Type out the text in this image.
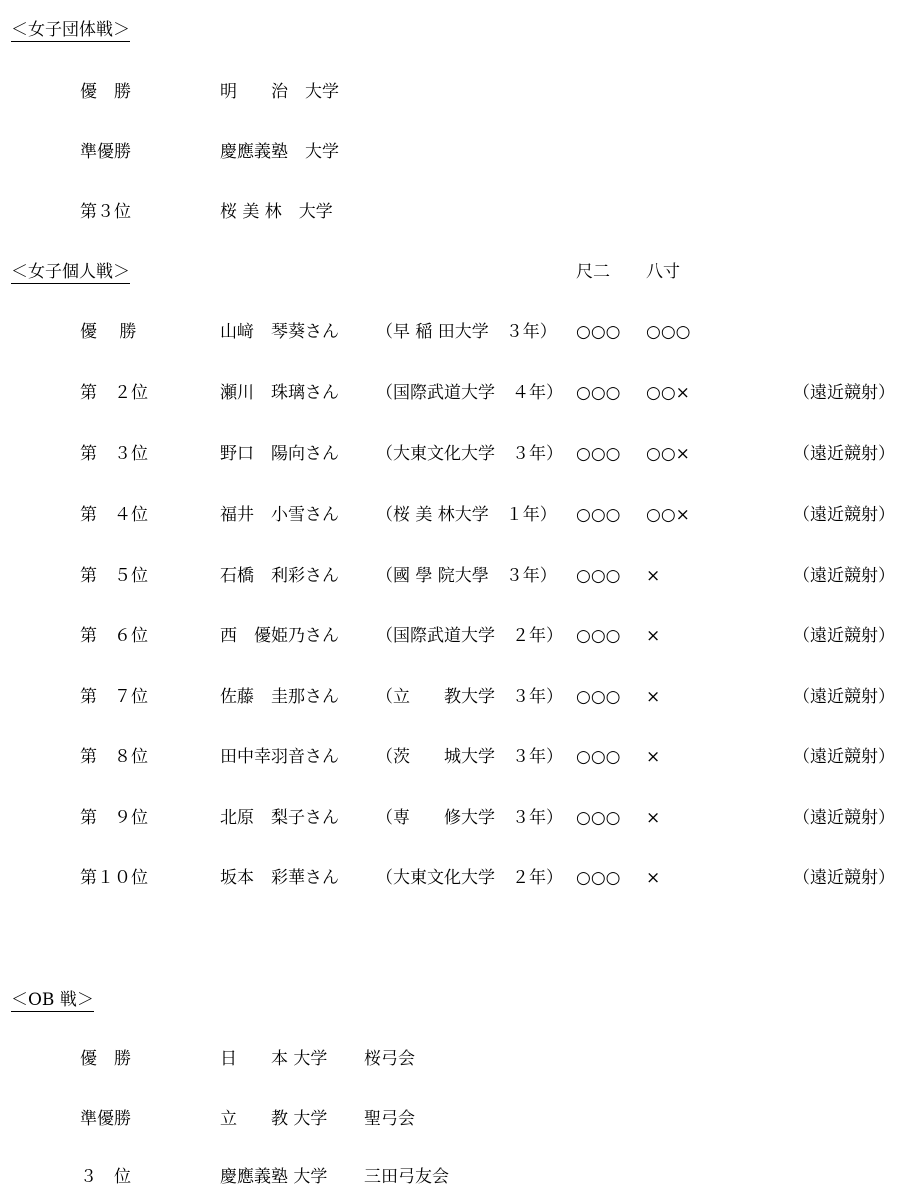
＜女子団体戦＞
優　勝	明　　治　大学
準優勝	慶應義塾　大学
第３位	桜 美 林　大学
＜女子個人戦＞	尺二 八寸
優　 勝	山﨑　琴葵さん （早 稲 田大学　３年） ○○○ ○○○
第　２位	瀬川　珠璃さん （国際武道大学　４年） ○○○ ○○×	（遠近競射）
第　３位	野口　陽向さん （大東文化大学　３年） ○○○ ○○×	（遠近競射）
第　４位	福井　小雪さん （桜 美 林大学　１年） ○○○ ○○×	（遠近競射）
第　５位	石橋　利彩さん （國 學 院大學　３年） ○○○ ×	（遠近競射）
第　６位	西　優姫乃さん （国際武道大学　２年） ○○○ ×	（遠近競射）
第　７位	佐藤　圭那さん （立　　教大学　３年） ○○○ ×	（遠近競射）
第　８位	田中幸羽音さん （茨　　城大学　３年） ○○○ ×	（遠近競射）
第　９位	北原　梨子さん （専　　修大学　３年） ○○○ ×	（遠近競射）
第１０位	坂本　彩華さん （大東文化大学　２年） ○○○ ×	（遠近競射）
＜OB 戦＞
優　勝	日　　本 大学 桜弓会
準優勝	立　　教 大学 聖弓会
３　位	慶應義塾 大学 三田弓友会
